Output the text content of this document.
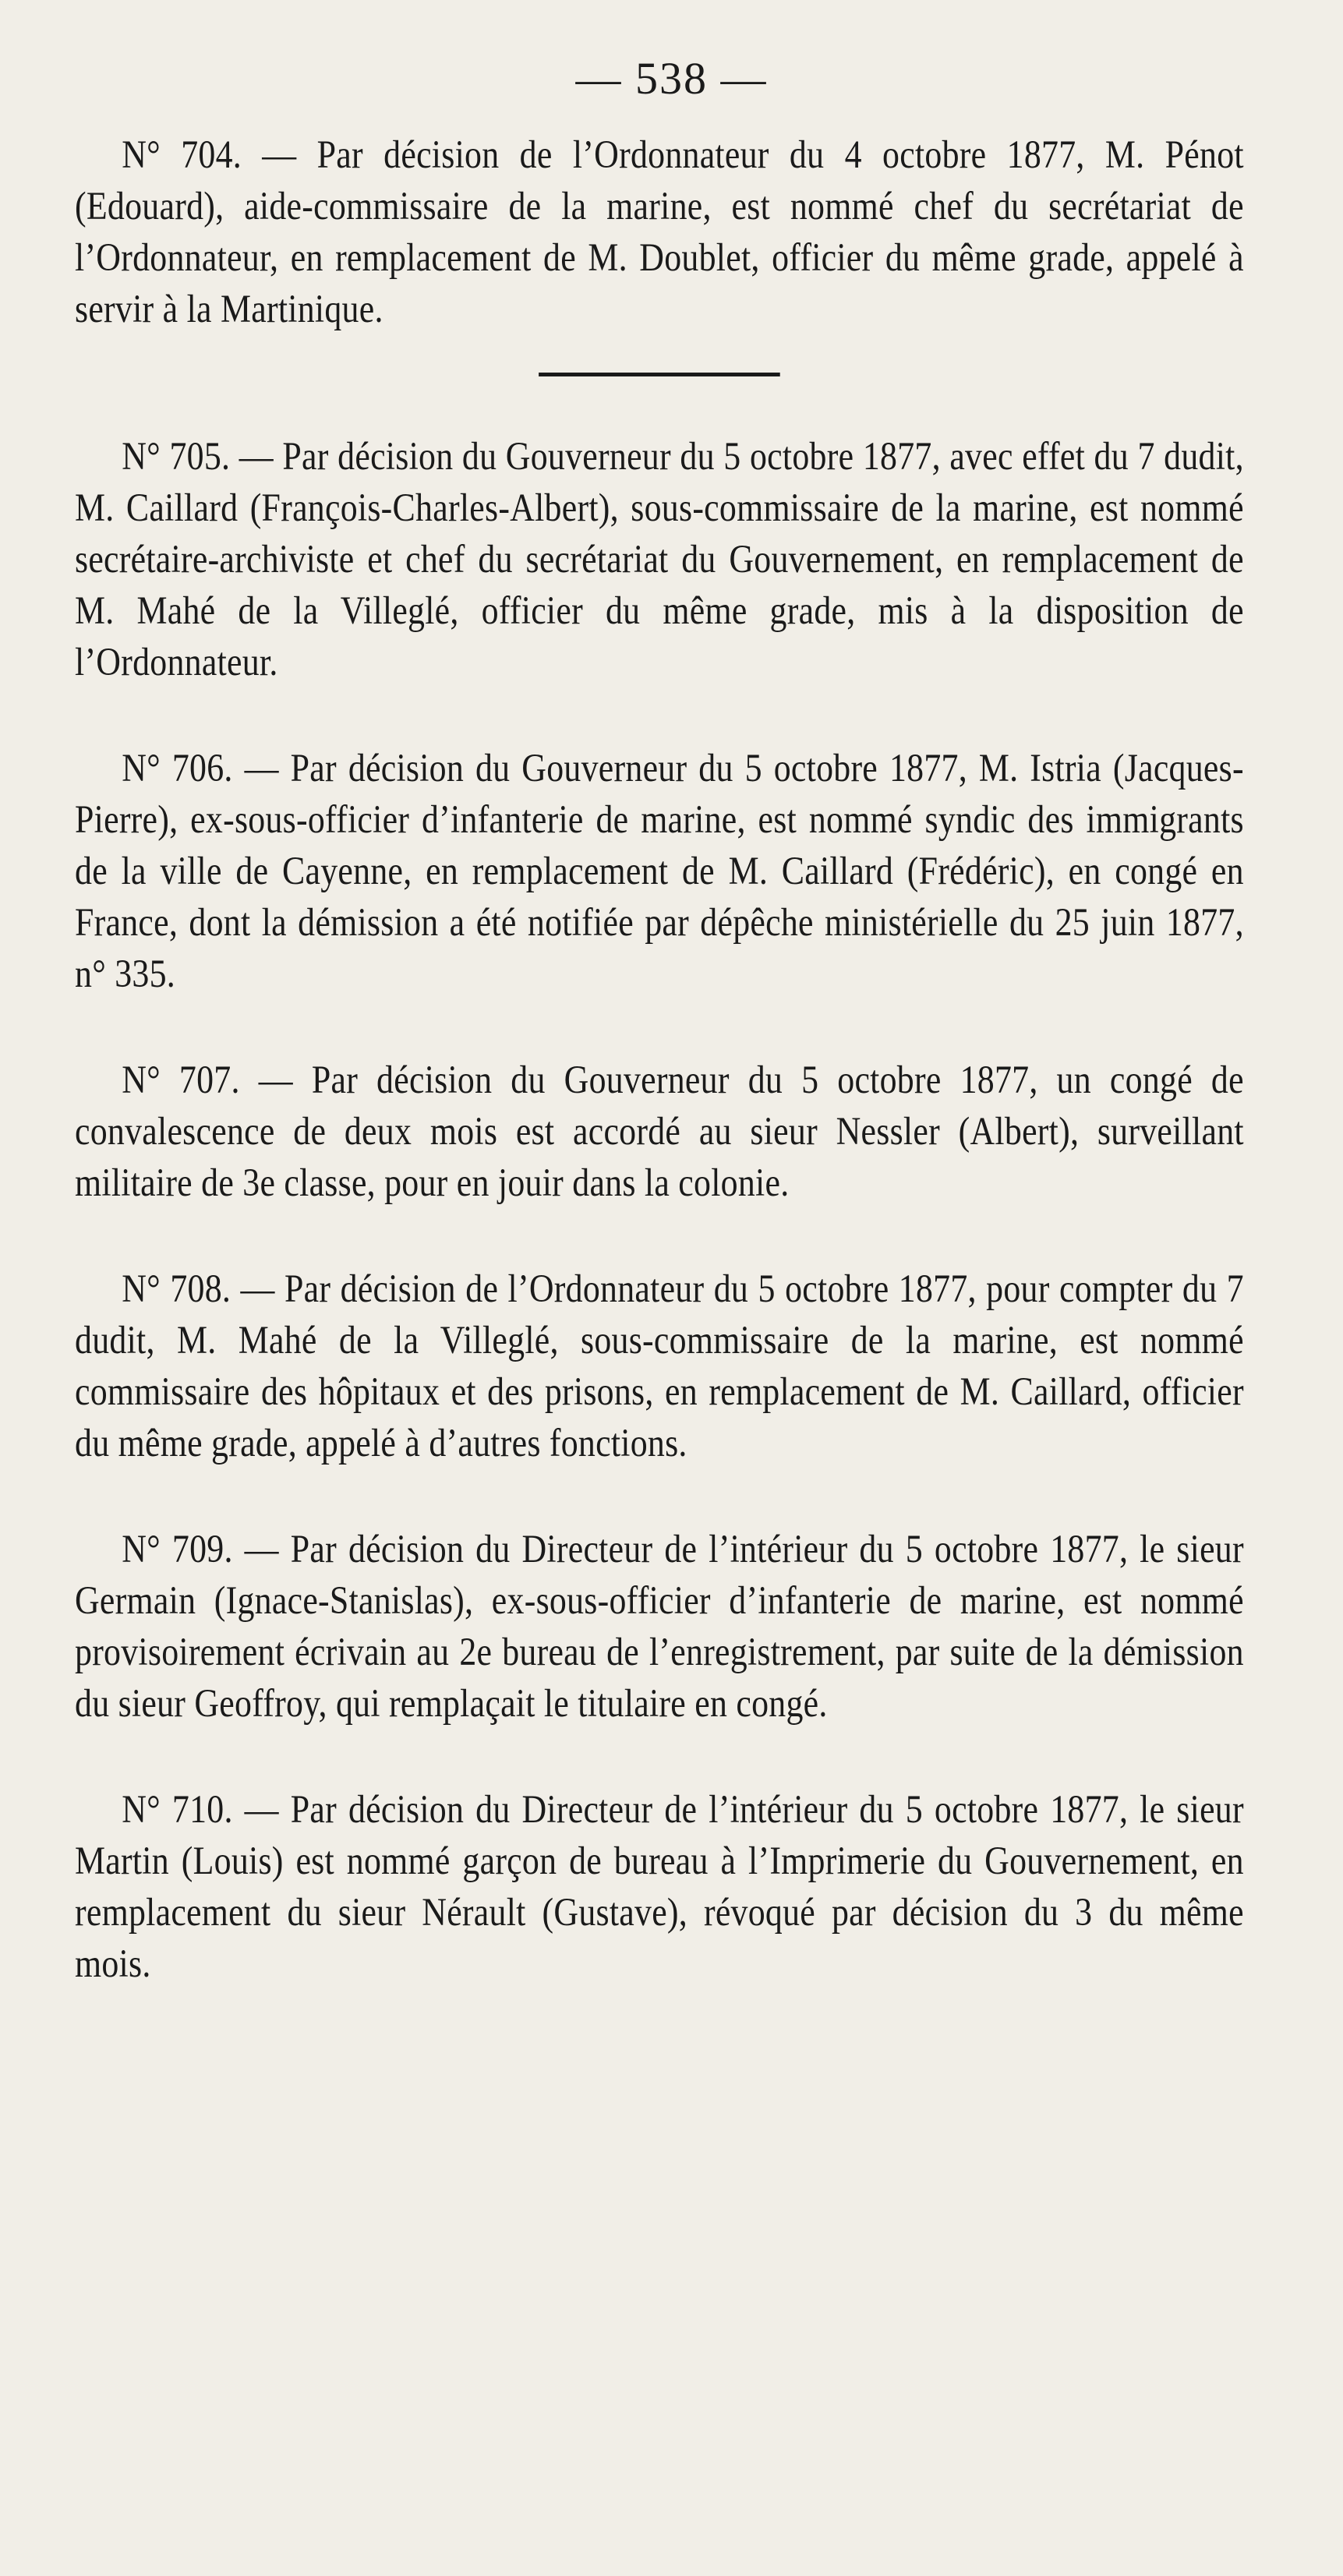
— 538 —

N° 704. — Par décision de l’Ordonnateur du 4 octobre 1877, M. Pénot (Edouard), aide-commissaire de la marine, est nommé chef du secrétariat de l’Ordonnateur, en remplacement de M. Doublet, officier du même grade, appelé à servir à la Martinique.

N° 705. — Par décision du Gouverneur du 5 octobre 1877, avec effet du 7 dudit, M. Caillard (François-Charles-Albert), sous-commissaire de la marine, est nommé secrétaire-archiviste et chef du secrétariat du Gouvernement, en remplacement de M. Mahé de la Villeglé, officier du même grade, mis à la disposition de l’Ordonnateur.

N° 706. — Par décision du Gouverneur du 5 octobre 1877, M. Istria (Jacques-Pierre), ex-sous-officier d’infanterie de marine, est nommé syndic des immigrants de la ville de Cayenne, en remplacement de M. Caillard (Frédéric), en congé en France, dont la démission a été notifiée par dépêche ministérielle du 25 juin 1877, n° 335.

N° 707. — Par décision du Gouverneur du 5 octobre 1877, un congé de convalescence de deux mois est accordé au sieur Nessler (Albert), surveillant militaire de 3e classe, pour en jouir dans la colonie.

N° 708. — Par décision de l’Ordonnateur du 5 octobre 1877, pour compter du 7 dudit, M. Mahé de la Villeglé, sous-commissaire de la marine, est nommé commissaire des hôpitaux et des prisons, en remplacement de M. Caillard, officier du même grade, appelé à d’autres fonctions.

N° 709. — Par décision du Directeur de l’intérieur du 5 octobre 1877, le sieur Germain (Ignace-Stanislas), ex-sous-officier d’infanterie de marine, est nommé provisoirement écrivain au 2e bureau de l’enregistrement, par suite de la démission du sieur Geoffroy, qui remplaçait le titulaire en congé.

N° 710. — Par décision du Directeur de l’intérieur du 5 octobre 1877, le sieur Martin (Louis) est nommé garçon de bureau à l’Imprimerie du Gouvernement, en remplacement du sieur Nérault (Gustave), révoqué par décision du 3 du même mois.
